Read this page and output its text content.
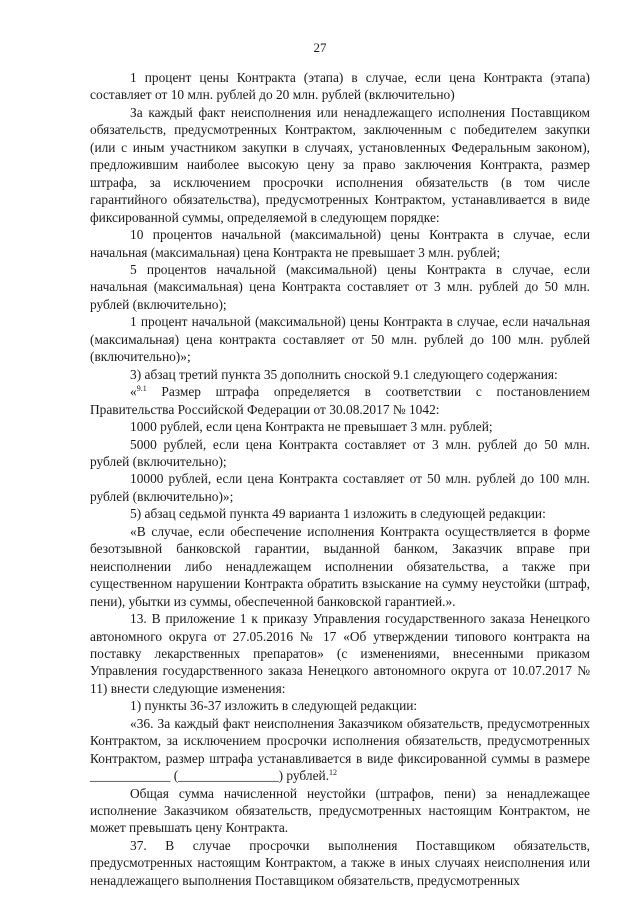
27

1 процент цены Контракта (этапа) в случае, если цена Контракта (этапа) составляет от 10 млн. рублей до 20 млн. рублей (включительно)

За каждый факт неисполнения или ненадлежащего исполнения Поставщиком обязательств, предусмотренных Контрактом, заключенным с победителем закупки (или с иным участником закупки в случаях, установленных Федеральным законом), предложившим наиболее высокую цену за право заключения Контракта, размер штрафа, за исключением просрочки исполнения обязательств (в том числе гарантийного обязательства), предусмотренных Контрактом, устанавливается в виде фиксированной суммы, определяемой в следующем порядке:

10 процентов начальной (максимальной) цены Контракта в случае, если начальная (максимальная) цена Контракта не превышает 3 млн. рублей;

5 процентов начальной (максимальной) цены Контракта в случае, если начальная (максимальная) цена Контракта составляет от 3 млн. рублей до 50 млн. рублей (включительно);

1 процент начальной (максимальной) цены Контракта в случае, если начальная (максимальная) цена контракта составляет от 50 млн. рублей до 100 млн. рублей (включительно)»;

3) абзац третий пункта 35 дополнить сноской 9.1 следующего содержания:

«$^{9.1}$ Размер штрафа определяется в соответствии с постановлением Правительства Российской Федерации от 30.08.2017 № 1042:

1000 рублей, если цена Контракта не превышает 3 млн. рублей;

5000 рублей, если цена Контракта составляет от 3 млн. рублей до 50 млн. рублей (включительно);

10000 рублей, если цена Контракта составляет от 50 млн. рублей до 100 млн. рублей (включительно)»;

5) абзац седьмой пункта 49 варианта 1 изложить в следующей редакции:

«В случае, если обеспечение исполнения Контракта осуществляется в форме безотзывной банковской гарантии, выданной банком, Заказчик вправе при неисполнении либо ненадлежащем исполнении обязательства, а также при существенном нарушении Контракта обратить взыскание на сумму неустойки (штраф, пени), убытки из суммы, обеспеченной банковской гарантией.».

13. В приложение 1 к приказу Управления государственного заказа Ненецкого автономного округа от 27.05.2016 № 17 «Об утверждении типового контракта на поставку лекарственных препаратов» (с изменениями, внесенными приказом Управления государственного заказа Ненецкого автономного округа от 10.07.2017 № 11) внести следующие изменения:

1) пункты 36-37 изложить в следующей редакции:

«36. За каждый факт неисполнения Заказчиком обязательств, предусмотренных Контрактом, за исключением просрочки исполнения обязательств, предусмотренных Контрактом, размер штрафа устанавливается в виде фиксированной суммы в размере ____________ (_______________) рублей.$^{12}$

Общая сумма начисленной неустойки (штрафов, пени) за ненадлежащее исполнение Заказчиком обязательств, предусмотренных настоящим Контрактом, не может превышать цену Контракта.

37. В случае просрочки выполнения Поставщиком обязательств, предусмотренных настоящим Контрактом, а также в иных случаях неисполнения или ненадлежащего выполнения Поставщиком обязательств, предусмотренных
